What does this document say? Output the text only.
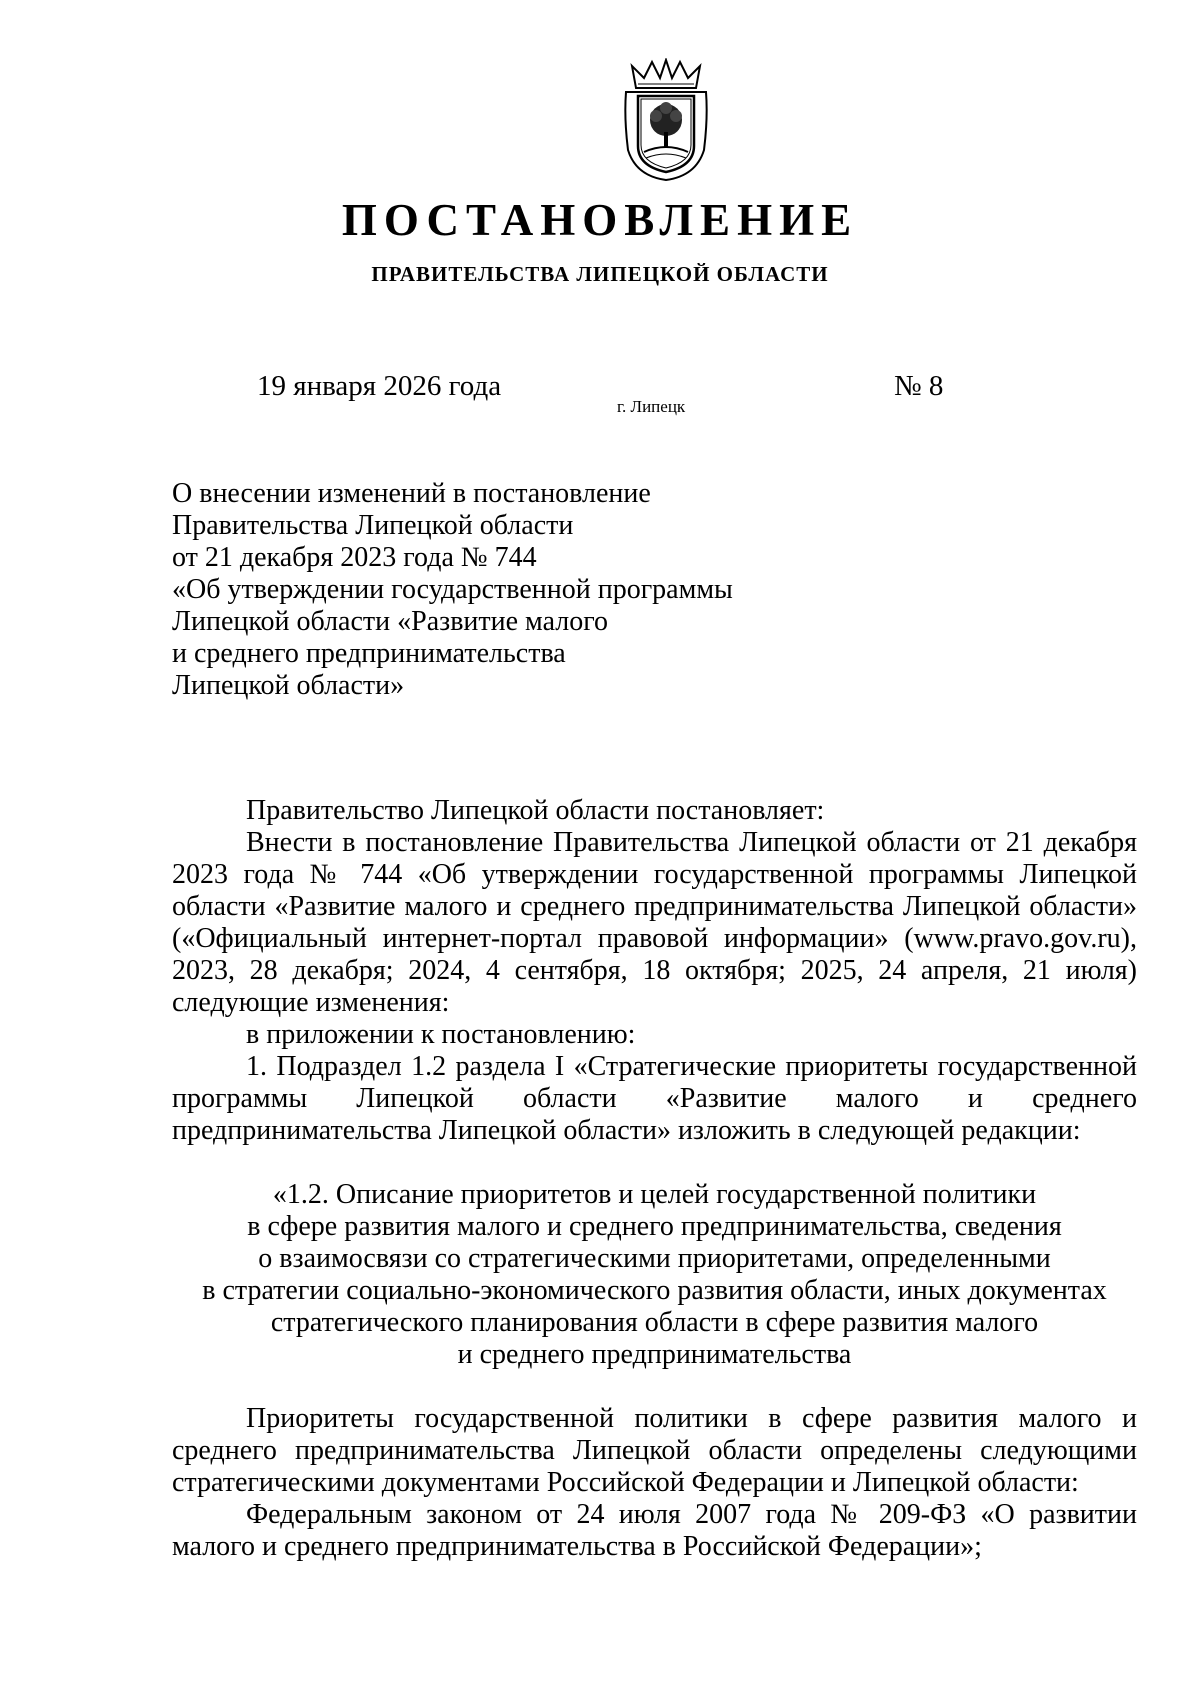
ПОСТАНОВЛЕНИЕ
ПРАВИТЕЛЬСТВА ЛИПЕЦКОЙ ОБЛАСТИ
19 января 2026 года
г. Липецк
№ 8
О внесении изменений в постановление
Правительства Липецкой области
от 21 декабря 2023 года № 744
«Об утверждении государственной программы
Липецкой области «Развитие малого
и среднего предпринимательства
Липецкой области»

Правительство Липецкой области постановляет:

Внести в постановление Правительства Липецкой области от 21 декабря 2023 года № 744 «Об утверждении государственной программы Липецкой области «Развитие малого и среднего предпринимательства Липецкой области» («Официальный интернет-портал правовой информации» (www.pravo.gov.ru), 2023, 28 декабря; 2024, 4 сентября, 18 октября; 2025, 24 апреля, 21 июля) следующие изменения:

в приложении к постановлению:

1. Подраздел 1.2 раздела I «Стратегические приоритеты государственной программы Липецкой области «Развитие малого и среднего предпринимательства Липецкой области» изложить в следующей редакции:

«1.2. Описание приоритетов и целей государственной политики
в сфере развития малого и среднего предпринимательства, сведения
о взаимосвязи со стратегическими приоритетами, определенными
в стратегии социально-экономического развития области, иных документах
стратегического планирования области в сфере развития малого
и среднего предпринимательства

Приоритеты государственной политики в сфере развития малого и среднего предпринимательства Липецкой области определены следующими стратегическими документами Российской Федерации и Липецкой области:

Федеральным законом от 24 июля 2007 года № 209-ФЗ «О развитии малого и среднего предпринимательства в Российской Федерации»;
